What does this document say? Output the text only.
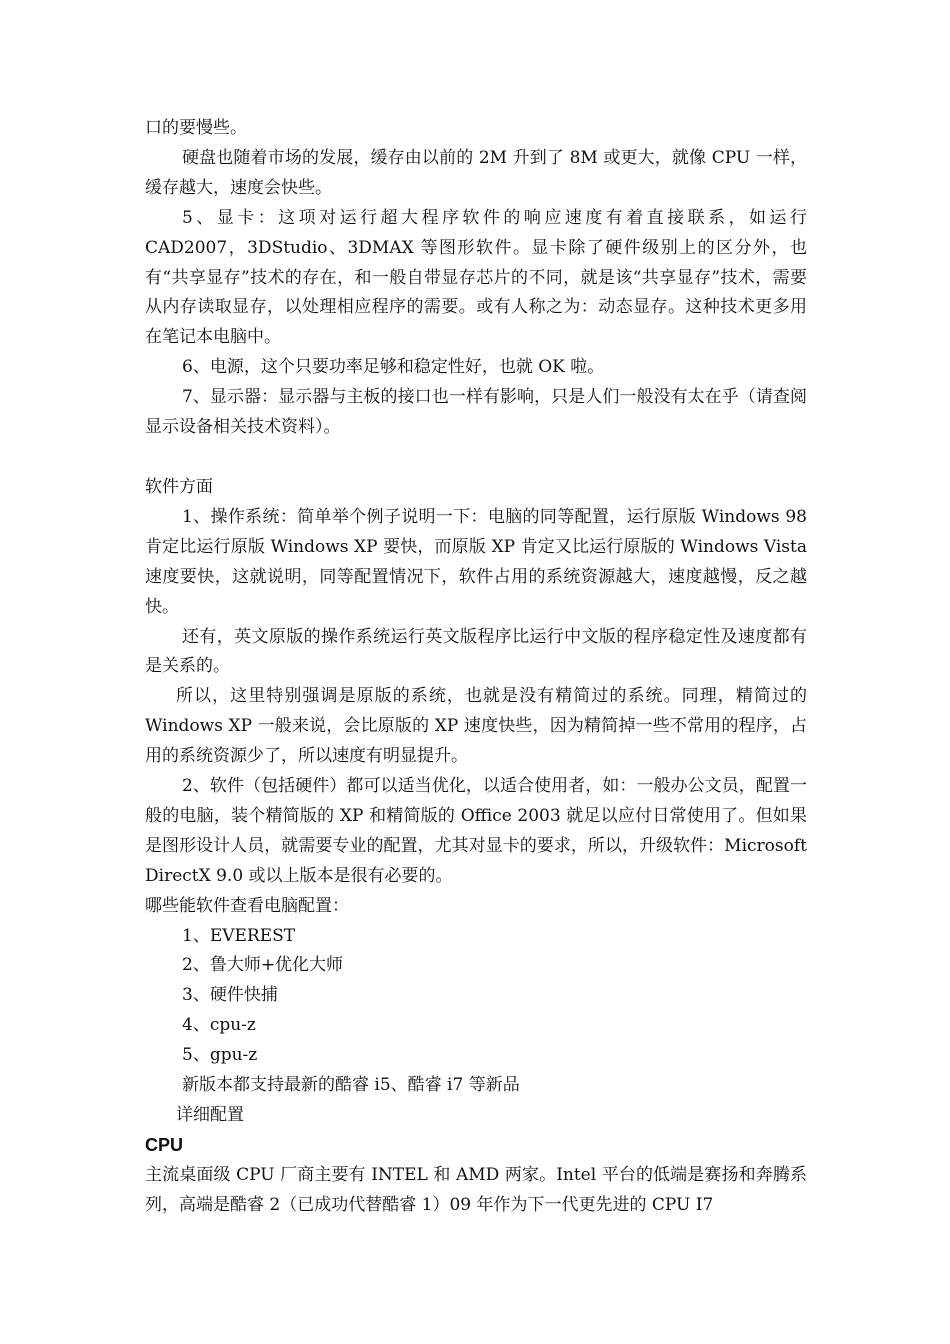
口的要慢些。

硬盘也随着市场的发展，缓存由以前的 2M 升到了 8M 或更大，就像 CPU 一样，缓存越大，速度会快些。

5、显卡：这项对运行超大程序软件的响应速度有着直接联系，如运行 CAD2007，3DStudio、3DMAX 等图形软件。显卡除了硬件级别上的区分外，也有“共享显存”技术的存在，和一般自带显存芯片的不同，就是该“共享显存”技术，需要从内存读取显存，以处理相应程序的需要。或有人称之为：动态显存。这种技术更多用在笔记本电脑中。

6、电源，这个只要功率足够和稳定性好，也就 OK 啦。

7、显示器：显示器与主板的接口也一样有影响，只是人们一般没有太在乎（请查阅显示设备相关技术资料）。

软件方面

1、操作系统：简单举个例子说明一下：电脑的同等配置，运行原版 Windows 98 肯定比运行原版 Windows XP 要快，而原版 XP 肯定又比运行原版的 Windows Vista 速度要快，这就说明，同等配置情况下，软件占用的系统资源越大，速度越慢，反之越快。

还有，英文原版的操作系统运行英文版程序比运行中文版的程序稳定性及速度都有是关系的。

所以，这里特别强调是原版的系统，也就是没有精简过的系统。同理，精简过的 Windows XP 一般来说，会比原版的 XP 速度快些，因为精简掉一些不常用的程序，占用的系统资源少了，所以速度有明显提升。

2、软件（包括硬件）都可以适当优化，以适合使用者，如：一般办公文员，配置一般的电脑，装个精简版的 XP 和精简版的 Office 2003 就足以应付日常使用了。但如果是图形设计人员，就需要专业的配置，尤其对显卡的要求，所以，升级软件：Microsoft DirectX 9.0 或以上版本是很有必要的。

哪些能软件查看电脑配置：

1、EVEREST

2、鲁大师+优化大师

3、硬件快捕

4、cpu-z

5、gpu-z

新版本都支持最新的酷睿 i5、酷睿 i7 等新品

详细配置

CPU

主流桌面级 CPU 厂商主要有 INTEL 和 AMD 两家。Intel 平台的低端是赛扬和奔腾系列，高端是酷睿 2（已成功代替酷睿 1）09 年作为下一代更先进的 CPU I7
